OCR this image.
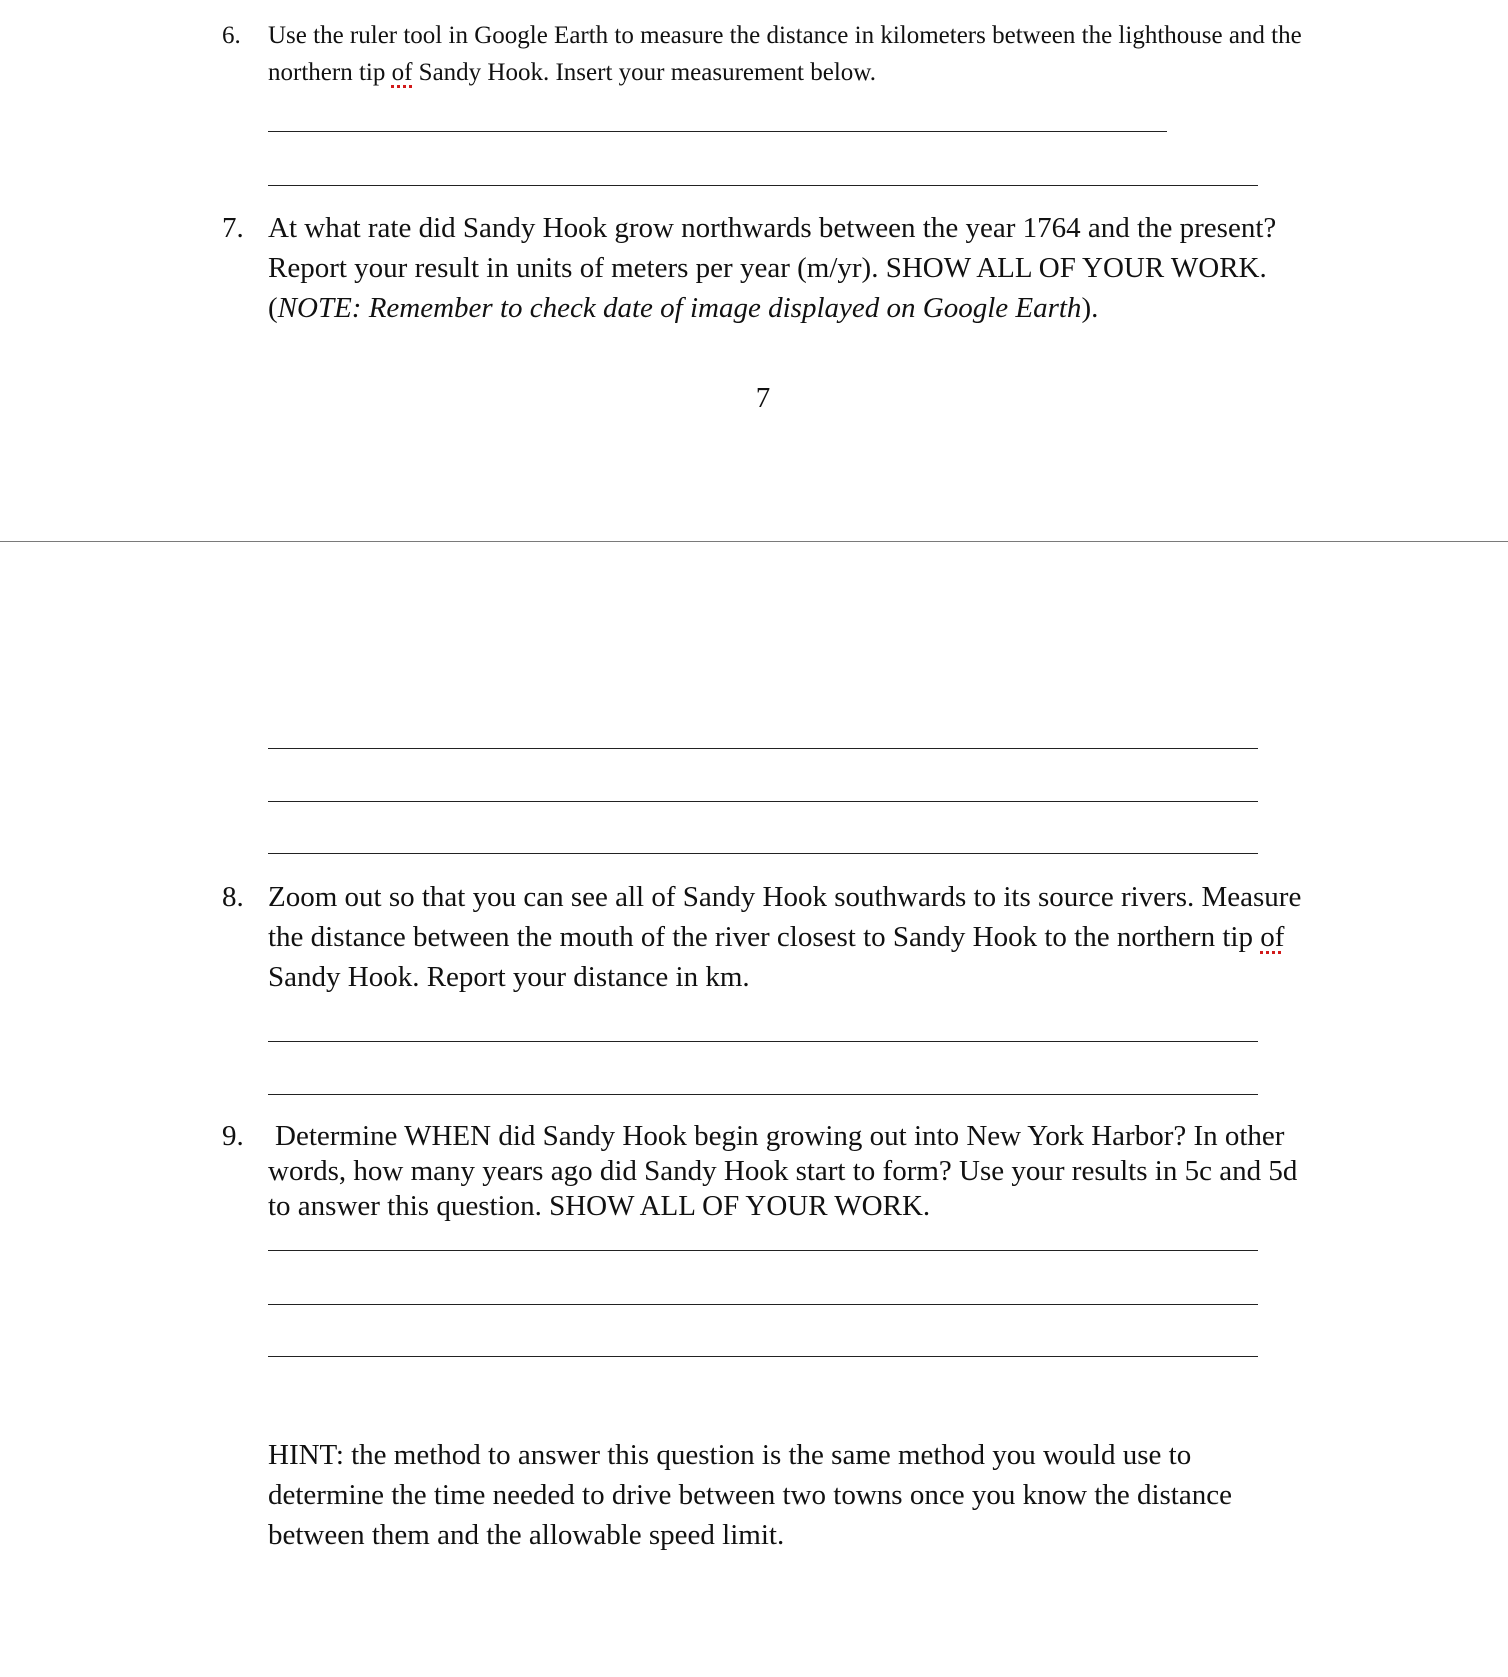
6.	Use the ruler tool in Google Earth to measure the distance in kilometers between the lighthouse and the
northern tip of Sandy Hook. Insert your measurement below.
7. At what rate did Sandy Hook grow northwards between the year 1764 and the present?
Report your result in units of meters per year (m/yr). SHOW ALL OF YOUR WORK.
(NOTE: Remember to check date of image displayed on Google Earth).
7
8. Zoom out so that you can see all of Sandy Hook southwards to its source rivers. Measure
the distance between the mouth of the river closest to Sandy Hook to the northern tip of
Sandy Hook. Report your distance in km.
9.	Determine WHEN did Sandy Hook begin growing out into New York Harbor? In other
words, how many years ago did Sandy Hook start to form? Use your results in 5c and 5d
to answer this question. SHOW ALL OF YOUR WORK.
HINT: the method to answer this question is the same method you would use to
determine the time needed to drive between two towns once you know the distance
between them and the allowable speed limit.
